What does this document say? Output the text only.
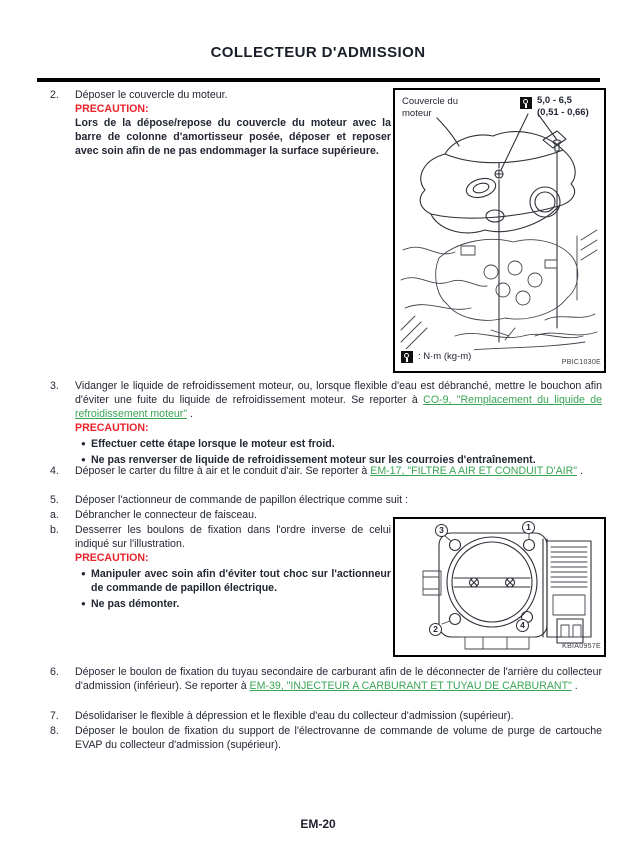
COLLECTEUR D'ADMISSION
2.	Déposer le couvercle du moteur.
PRECAUTION:
Lors de la dépose/repose du couvercle du moteur avec la barre de colonne d'amortisseur posée, déposer et reposer avec soin afin de ne pas endommager la surface supérieure.
Couvercle du moteur
5,0 - 6,5
(0,51 - 0,66)
: N·m (kg-m)
PBIC1030E
3.	Vidanger le liquide de refroidissement moteur, ou, lorsque flexible d'eau est débranché, mettre le bouchon afin d'éviter une fuite du liquide de refroidissement moteur. Se reporter à CO-9, "Remplacement du liquide de refroidissement moteur" .
PRECAUTION:
● Effectuer cette étape lorsque le moteur est froid.
● Ne pas renverser de liquide de refroidissement moteur sur les courroies d'entraînement.
4.	Déposer le carter du filtre à air et le conduit d'air. Se reporter à EM-17, "FILTRE A AIR ET CONDUIT D'AIR" .
5.	Déposer l'actionneur de commande de papillon électrique comme suit :
a.	Débrancher le connecteur de faisceau.
b.	Desserrer les boulons de fixation dans l'ordre inverse de celui indiqué sur l'illustration.
PRECAUTION:
● Manipuler avec soin afin d'éviter tout choc sur l'actionneur de commande de papillon électrique.
● Ne pas démonter.
3	1
2	4
KBIA0957E
6.	Déposer le boulon de fixation du tuyau secondaire de carburant afin de le déconnecter de l'arrière du collecteur d'admission (inférieur). Se reporter à EM-39, "INJECTEUR A CARBURANT ET TUYAU DE CARBURANT" .
7.	Désolidariser le flexible à dépression et le flexible d'eau du collecteur d'admission (supérieur).
8.	Déposer le boulon de fixation du support de l'électrovanne de commande de volume de purge de cartouche EVAP du collecteur d'admission (supérieur).
EM-20
